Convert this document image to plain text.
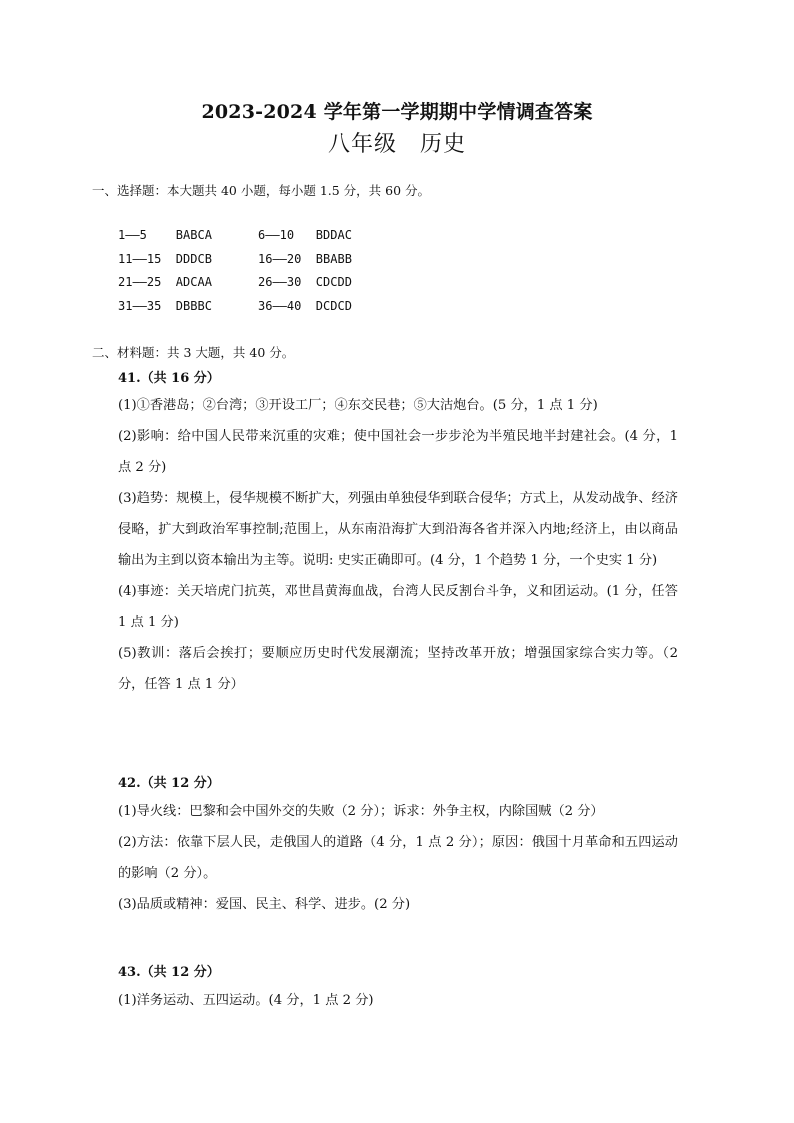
2023-2024 学年第一学期期中学情调查答案
八年级　历史
一、选择题：本大题共 40 小题，每小题 1.5 分，共 60 分。
1——5    BABCA	6——10   BDDAC
11——15  DDDCB	16——20  BBABB
21——25  ADCAA	26——30  CDCDD
31——35  DBBBC	36——40  DCDCD
二、材料题：共 3 大题，共 40 分。
41.（共 16 分）

(1)①香港岛；②台湾；③开设工厂；④东交民巷；⑤大沽炮台。(5 分，1 点 1 分)

(2)影响：给中国人民带来沉重的灾难；使中国社会一步步沦为半殖民地半封建社会。(4 分，1 点 2 分)

(3)趋势：规模上，侵华规模不断扩大，列强由单独侵华到联合侵华；方式上，从发动战争、经济侵略，扩大到政治军事控制;范围上，从东南沿海扩大到沿海各省并深入内地;经济上，由以商品输出为主到以资本输出为主等。说明: 史实正确即可。(4 分，1 个趋势 1 分，一个史实 1 分)

(4)事迹：关天培虎门抗英，邓世昌黄海血战，台湾人民反割台斗争，义和团运动。(1 分，任答 1 点 1 分)

(5)教训：落后会挨打；要顺应历史时代发展潮流；坚持改革开放；增强国家综合实力等。（2 分，任答 1 点 1 分）

42.（共 12 分）

(1)导火线：巴黎和会中国外交的失败（2 分）；诉求：外争主权，内除国贼（2 分）

(2)方法：依靠下层人民，走俄国人的道路（4 分，1 点 2 分）；原因：俄国十月革命和五四运动的影响（2 分）。

(3)品质或精神：爱国、民主、科学、进步。(2 分)

43.（共 12 分）

(1)洋务运动、五四运动。(4 分，1 点 2 分)
